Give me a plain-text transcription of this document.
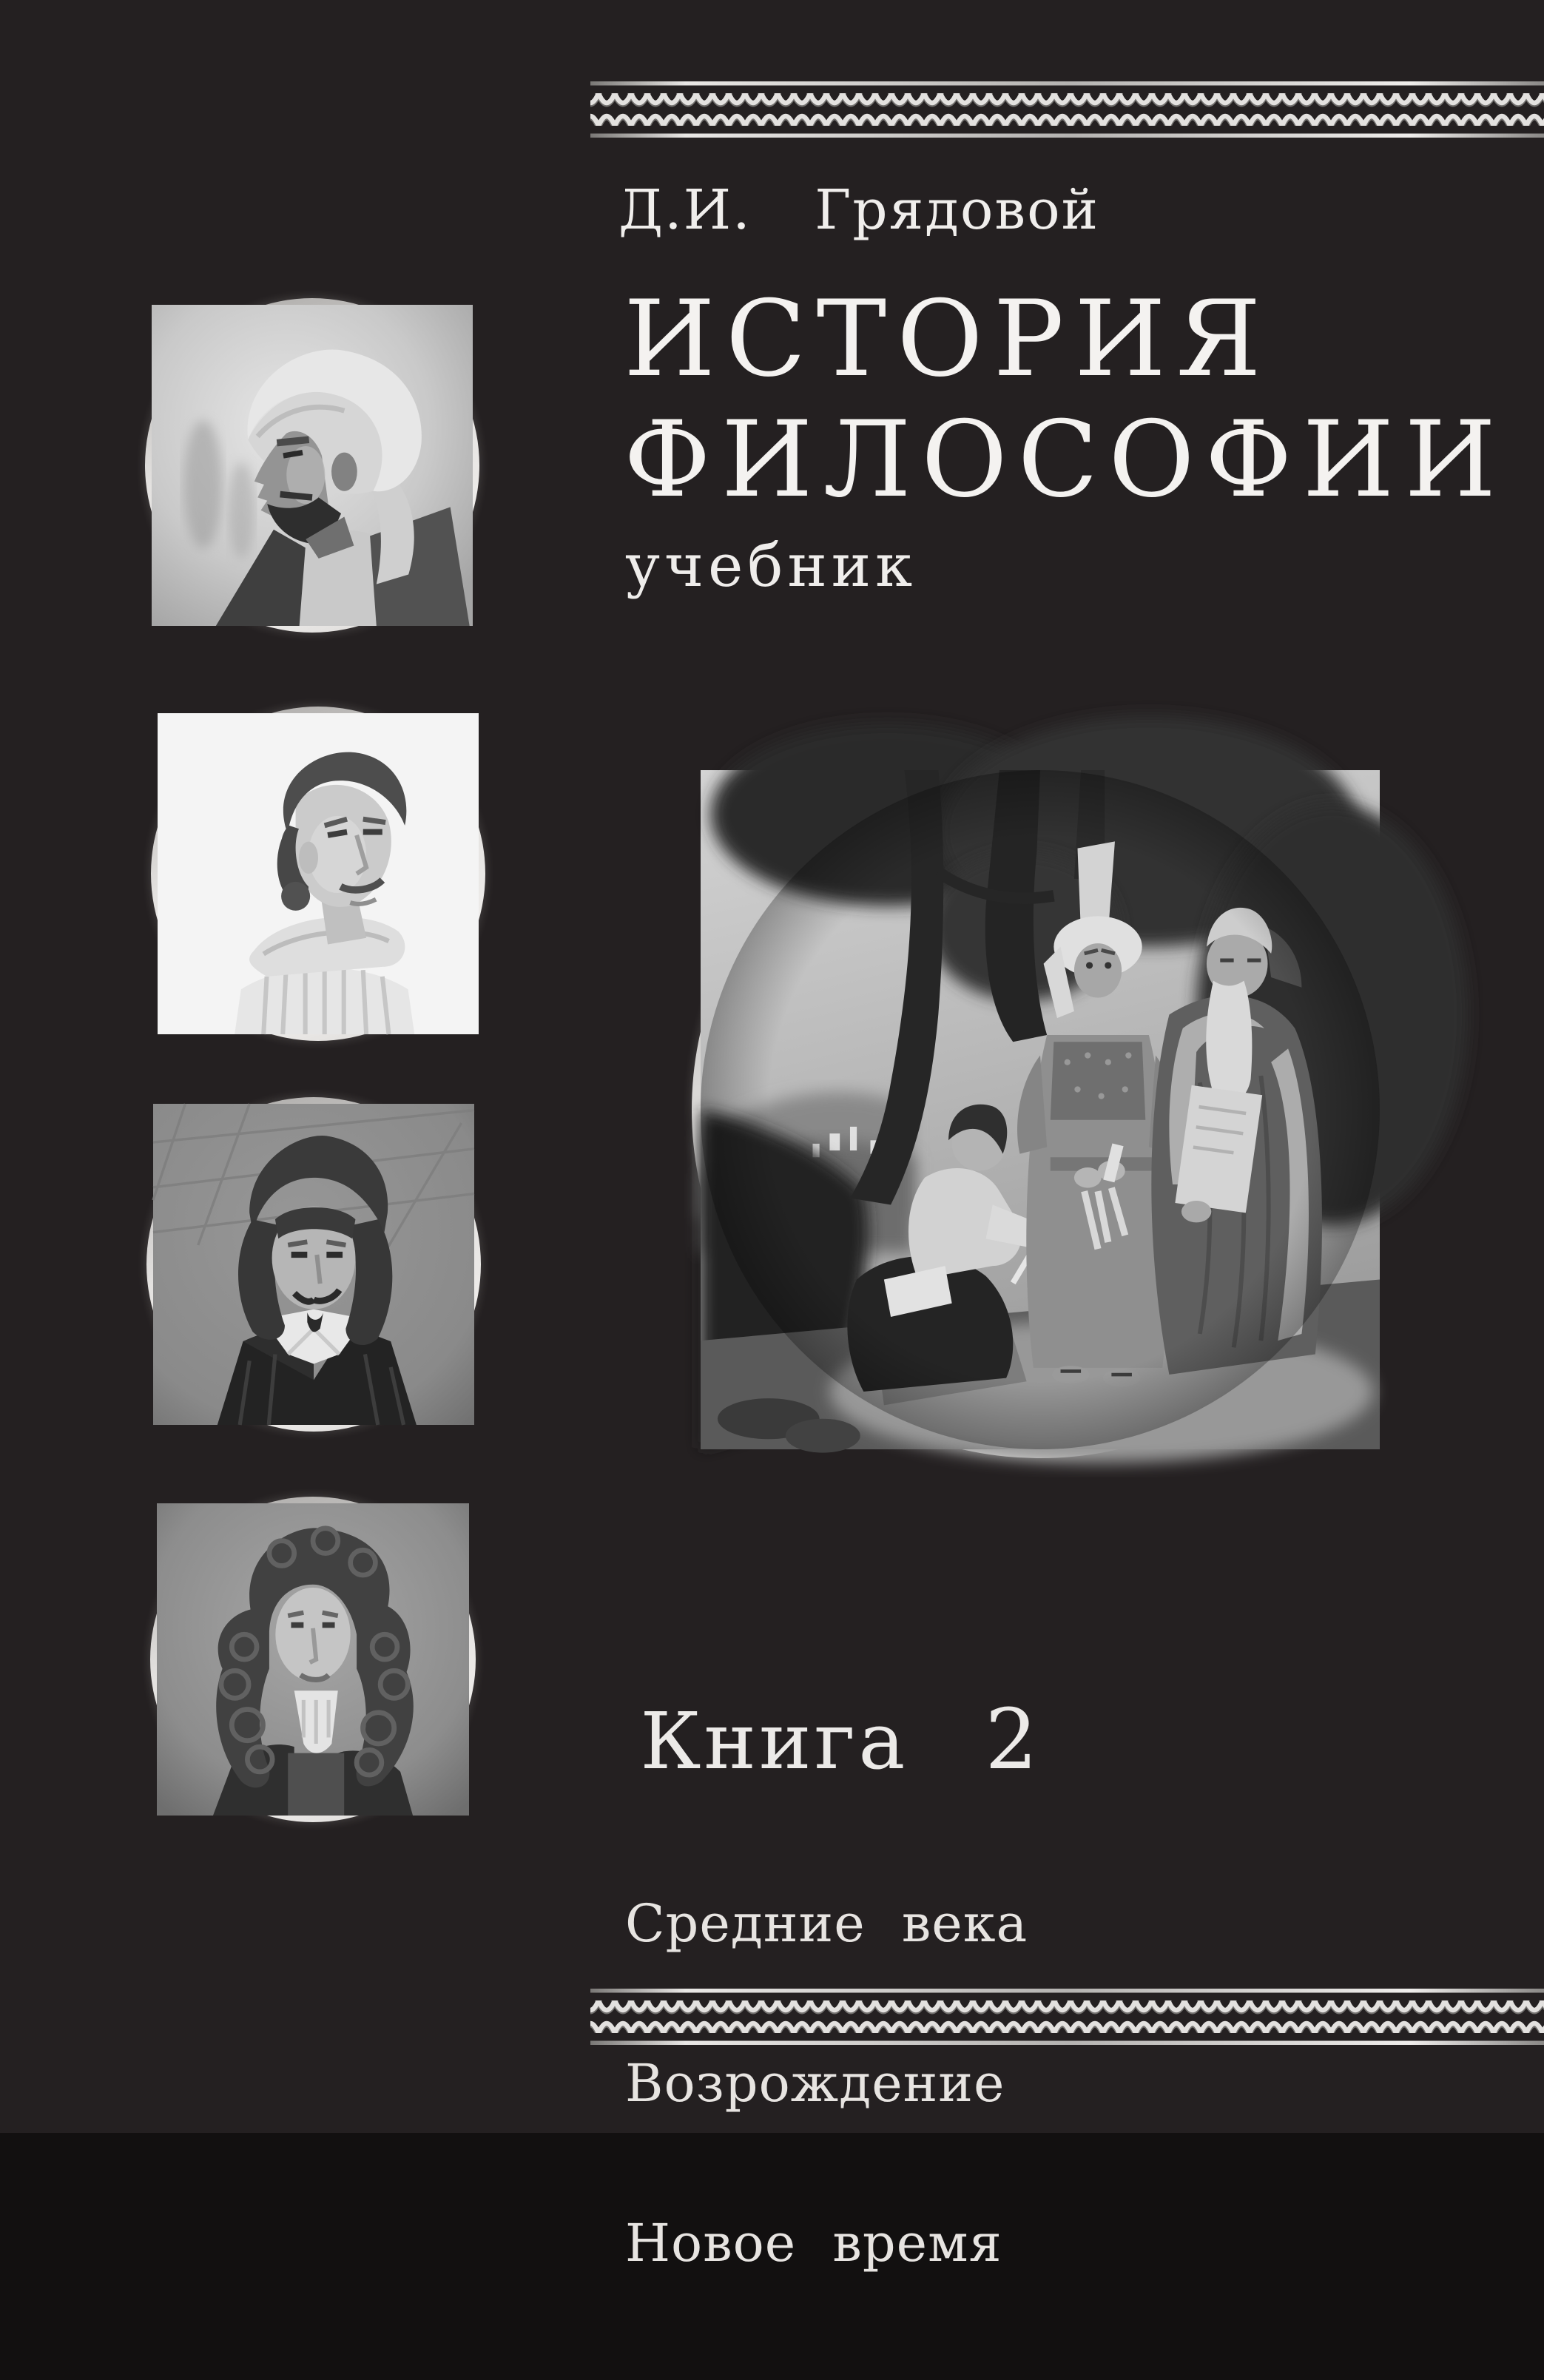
Д.И. Грядовой
ИСТОРИЯ
ФИЛОСОФИИ
учебник

Книга 2

Средние века

Возрождение

Новое время
